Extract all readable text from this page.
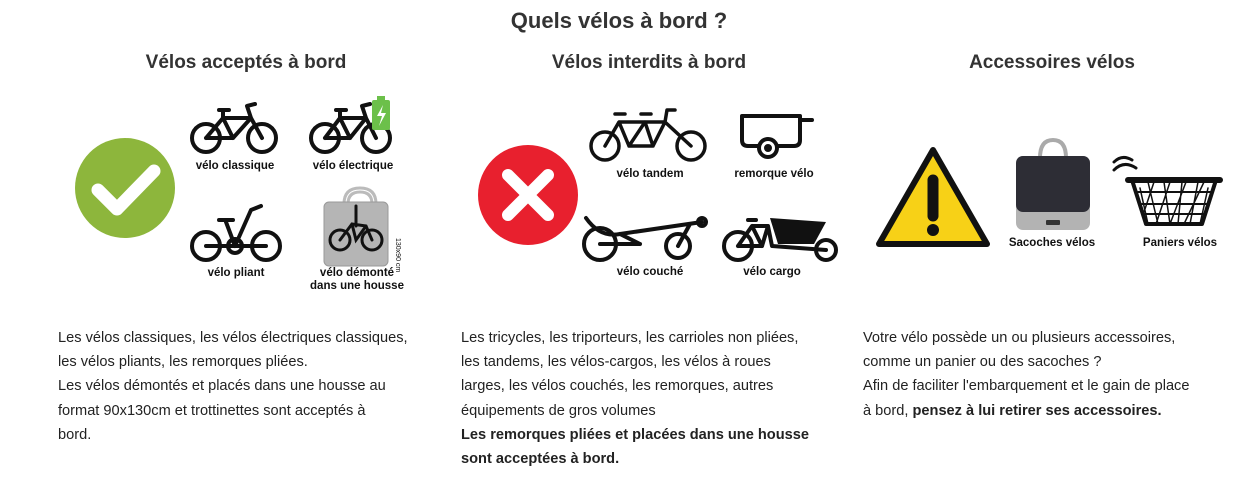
Quels vélos à bord ?
Vélos acceptés à bord	Vélos interdits à bord	Accessoires vélos
vélo classique	vélo électrique
vélo pliant
130x90 cm
vélo démonté
dans une housse
vélo tandem	remorque vélo
vélo couché	vélo cargo
Sacoches vélos	Paniers vélos
Les vélos classiques, les vélos électriques classiques,
les vélos pliants, les remorques pliées.
Les vélos démontés et placés dans une housse au
format 90x130cm et trottinettes sont acceptés à
bord.
Les tricycles, les triporteurs, les carrioles non pliées,
les tandems, les vélos-cargos, les vélos à roues
larges, les vélos couchés, les remorques, autres
équipements de gros volumes
Les remorques pliées et placées dans une housse
sont acceptées à bord.
Votre vélo possède un ou plusieurs accessoires,
comme un panier ou des sacoches ?
Afin de faciliter l'embarquement et le gain de place
à bord, pensez à lui retirer ses accessoires.
